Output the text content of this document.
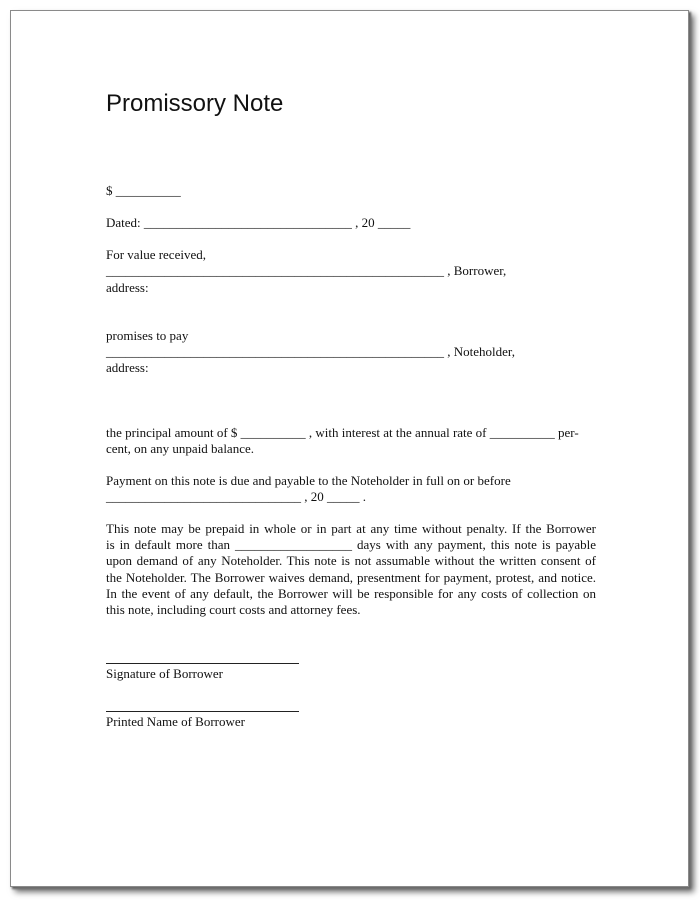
Promissory Note
$ __________
Dated: ________________________________ , 20 _____
For value received,
____________________________________________________ , Borrower,
address:
promises to pay
____________________________________________________ , Noteholder,
address:
the principal amount of $ __________ , with interest at the annual rate of __________ per-
cent, on any unpaid balance.
Payment on this note is due and payable to the Noteholder in full on or before
______________________________ , 20 _____ .
This note may be prepaid in whole or in part at any time without penalty. If the Borrower
is in default more than __________________ days with any payment, this note is payable
upon demand of any Noteholder. This note is not assumable without the written consent of
the Noteholder. The Borrower waives demand, presentment for payment, protest, and notice.
In the event of any default, the Borrower will be responsible for any costs of collection on
this note, including court costs and attorney fees.
Signature of Borrower
Printed Name of Borrower
